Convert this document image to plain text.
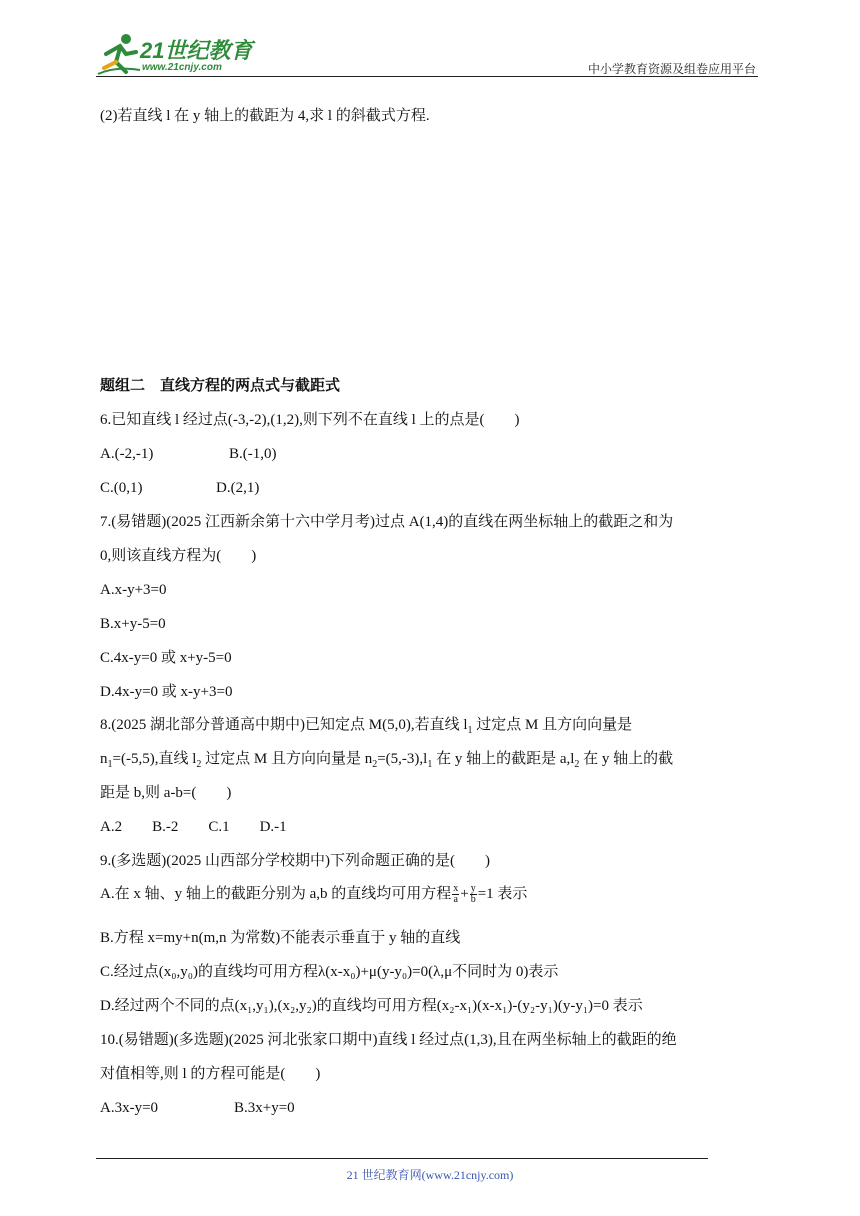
21世纪教育
www.21cnjy.com	中小学教育资源及组卷应用平台
(2)若直线 l 在 y 轴上的截距为 4,求 l 的斜截式方程.
题组二　直线方程的两点式与截距式
6.已知直线 l 经过点(-3,-2),(1,2),则下列不在直线 l 上的点是(　　)
A.(-2,-1)	B.(-1,0)
C.(0,1)	D.(2,1)
7.(易错题)(2025 江西新余第十六中学月考)过点 A(1,4)的直线在两坐标轴上的截距之和为
0,则该直线方程为(　　)
A.x-y+3=0
B.x+y-5=0
C.4x-y=0 或 x+y-5=0
D.4x-y=0 或 x-y+3=0
8.(2025 湖北部分普通高中期中)已知定点 M(5,0),若直线 $l_1$ 过定点 M 且方向向量是
$n_1=(-5,5)$,直线 $l_2$ 过定点 M 且方向向量是 $n_2=(5,-3),l_1$ 在 y 轴上的截距是 $a,l_2$ 在 y 轴上的截
距是 b,则 a-b=(　　)
A.2　　B.-2　　C.1　　D.-1
9.(多选题)(2025 山西部分学校期中)下列命题正确的是(　　)
A.在 x 轴、y 轴上的截距分别为 a,b 的直线均可用方程 $\frac{x}{a} + \frac{y}{b} =1$ 表示
B.方程 x=my+n(m,n 为常数)不能表示垂直于 y 轴的直线
C.经过点(x₀,y₀)的直线均可用方程λ(x-x₀)+μ(y-y₀)=0(λ,μ不同时为 0)表示
D.经过两个不同的点(x₁,y₁),(x₂,y₂)的直线均可用方程(x₂-x₁)(x-x₁)-(y₂-y₁)(y-y₁)=0 表示
10.(易错题)(多选题)(2025 河北张家口期中)直线 l 经过点(1,3),且在两坐标轴上的截距的绝
对值相等,则 l 的方程可能是(　　)
A.3x-y=0	B.3x+y=0
21 世纪教育网(www.21cnjy.com)
